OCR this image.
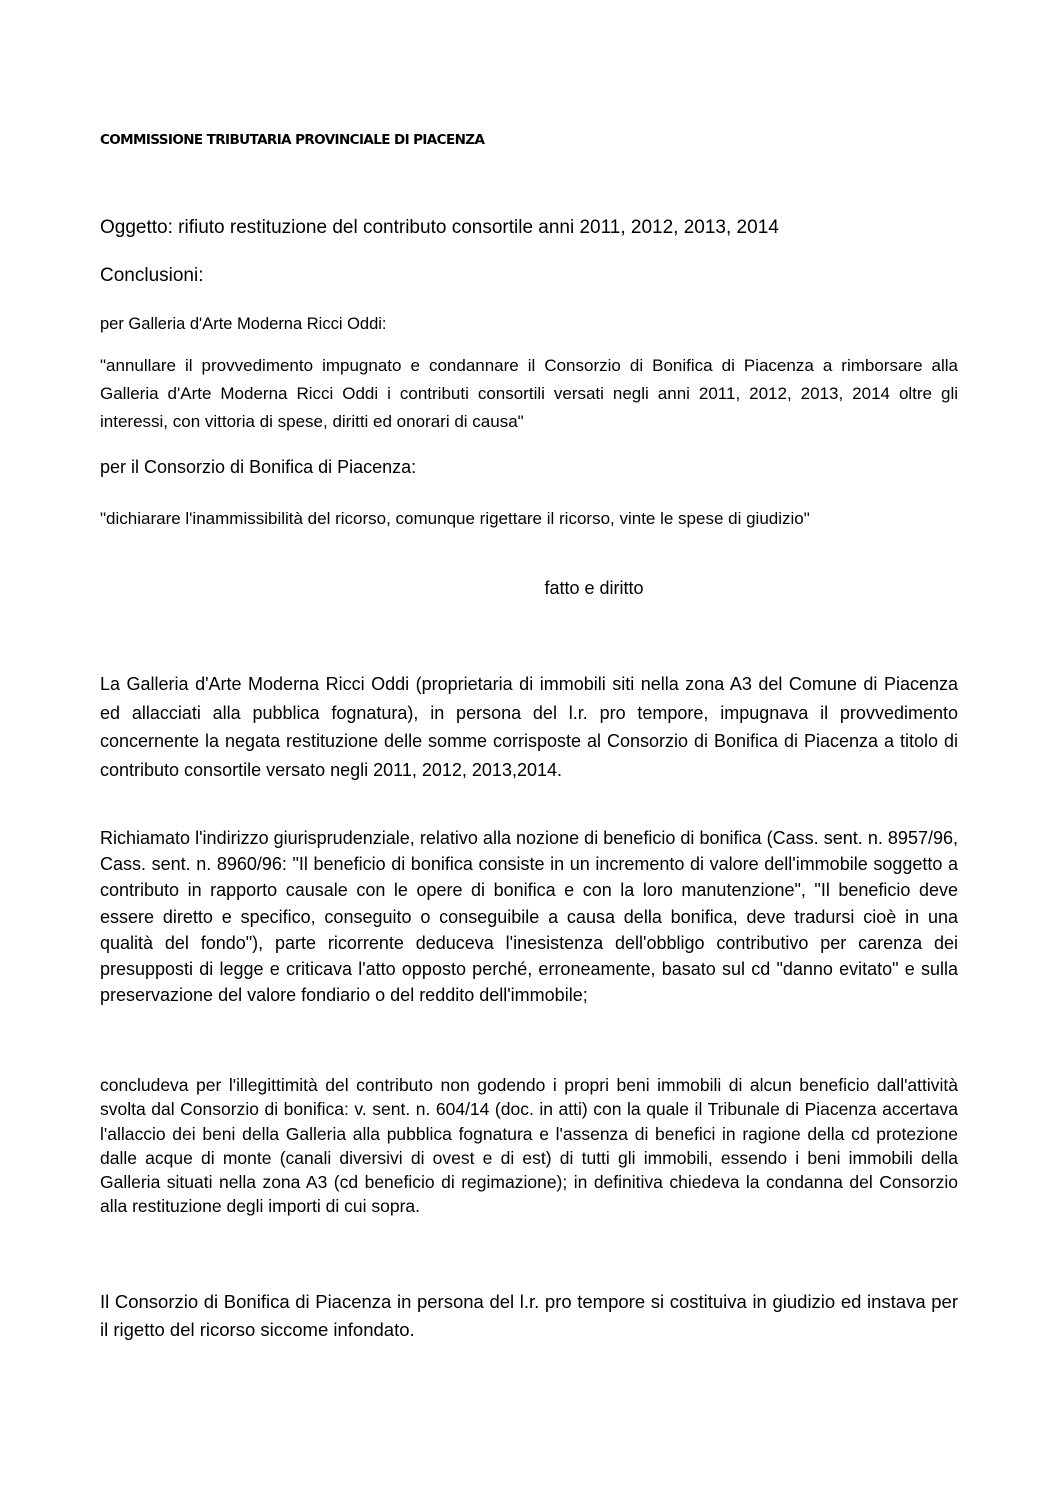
COMMISSIONE TRIBUTARIA PROVINCIALE DI PIACENZA

Oggetto: rifiuto restituzione del contributo consortile anni 2011, 2012, 2013, 2014

Conclusioni:

per Galleria d'Arte Moderna Ricci Oddi:

"annullare il provvedimento impugnato e condannare il Consorzio di Bonifica di Piacenza a rimborsare alla Galleria d'Arte Moderna Ricci Oddi i contributi consortili versati negli anni 2011, 2012, 2013, 2014 oltre gli interessi, con vittoria di spese, diritti ed onorari di causa"

per il Consorzio di Bonifica di Piacenza:

"dichiarare l'inammissibilità del ricorso, comunque rigettare il ricorso, vinte le spese di giudizio"

fatto e diritto

La Galleria d'Arte Moderna Ricci Oddi (proprietaria di immobili siti nella zona A3 del Comune di Piacenza ed allacciati alla pubblica fognatura), in persona del l.r. pro tempore, impugnava il provvedimento concernente la negata restituzione delle somme corrisposte al Consorzio di Bonifica di Piacenza a titolo di contributo consortile versato negli 2011, 2012, 2013,2014.

Richiamato l'indirizzo giurisprudenziale, relativo alla nozione di beneficio di bonifica (Cass. sent. n. 8957/96, Cass. sent. n. 8960/96: "Il beneficio di bonifica consiste in un incremento di valore dell'immobile soggetto a contributo in rapporto causale con le opere di bonifica e con la loro manutenzione", "Il beneficio deve essere diretto e specifico, conseguito o conseguibile a causa della bonifica, deve tradursi cioè in una qualità del fondo"), parte ricorrente deduceva l'inesistenza dell'obbligo contributivo per carenza dei presupposti di legge e criticava l'atto opposto perché, erroneamente, basato sul cd "danno evitato" e sulla preservazione del valore fondiario o del reddito dell'immobile;

concludeva per l'illegittimità del contributo non godendo i propri beni immobili di alcun beneficio dall'attività svolta dal Consorzio di bonifica: v. sent. n. 604/14 (doc. in atti) con la quale il Tribunale di Piacenza accertava l'allaccio dei beni della Galleria alla pubblica fognatura e l'assenza di benefici in ragione della cd protezione dalle acque di monte (canali diversivi di ovest e di est) di tutti gli immobili, essendo i beni immobili della Galleria situati nella zona A3 (cd beneficio di regimazione); in definitiva chiedeva la condanna del Consorzio alla restituzione degli importi di cui sopra.

Il Consorzio di Bonifica di Piacenza in persona del l.r. pro tempore si costituiva in giudizio ed instava per il rigetto del ricorso siccome infondato.
